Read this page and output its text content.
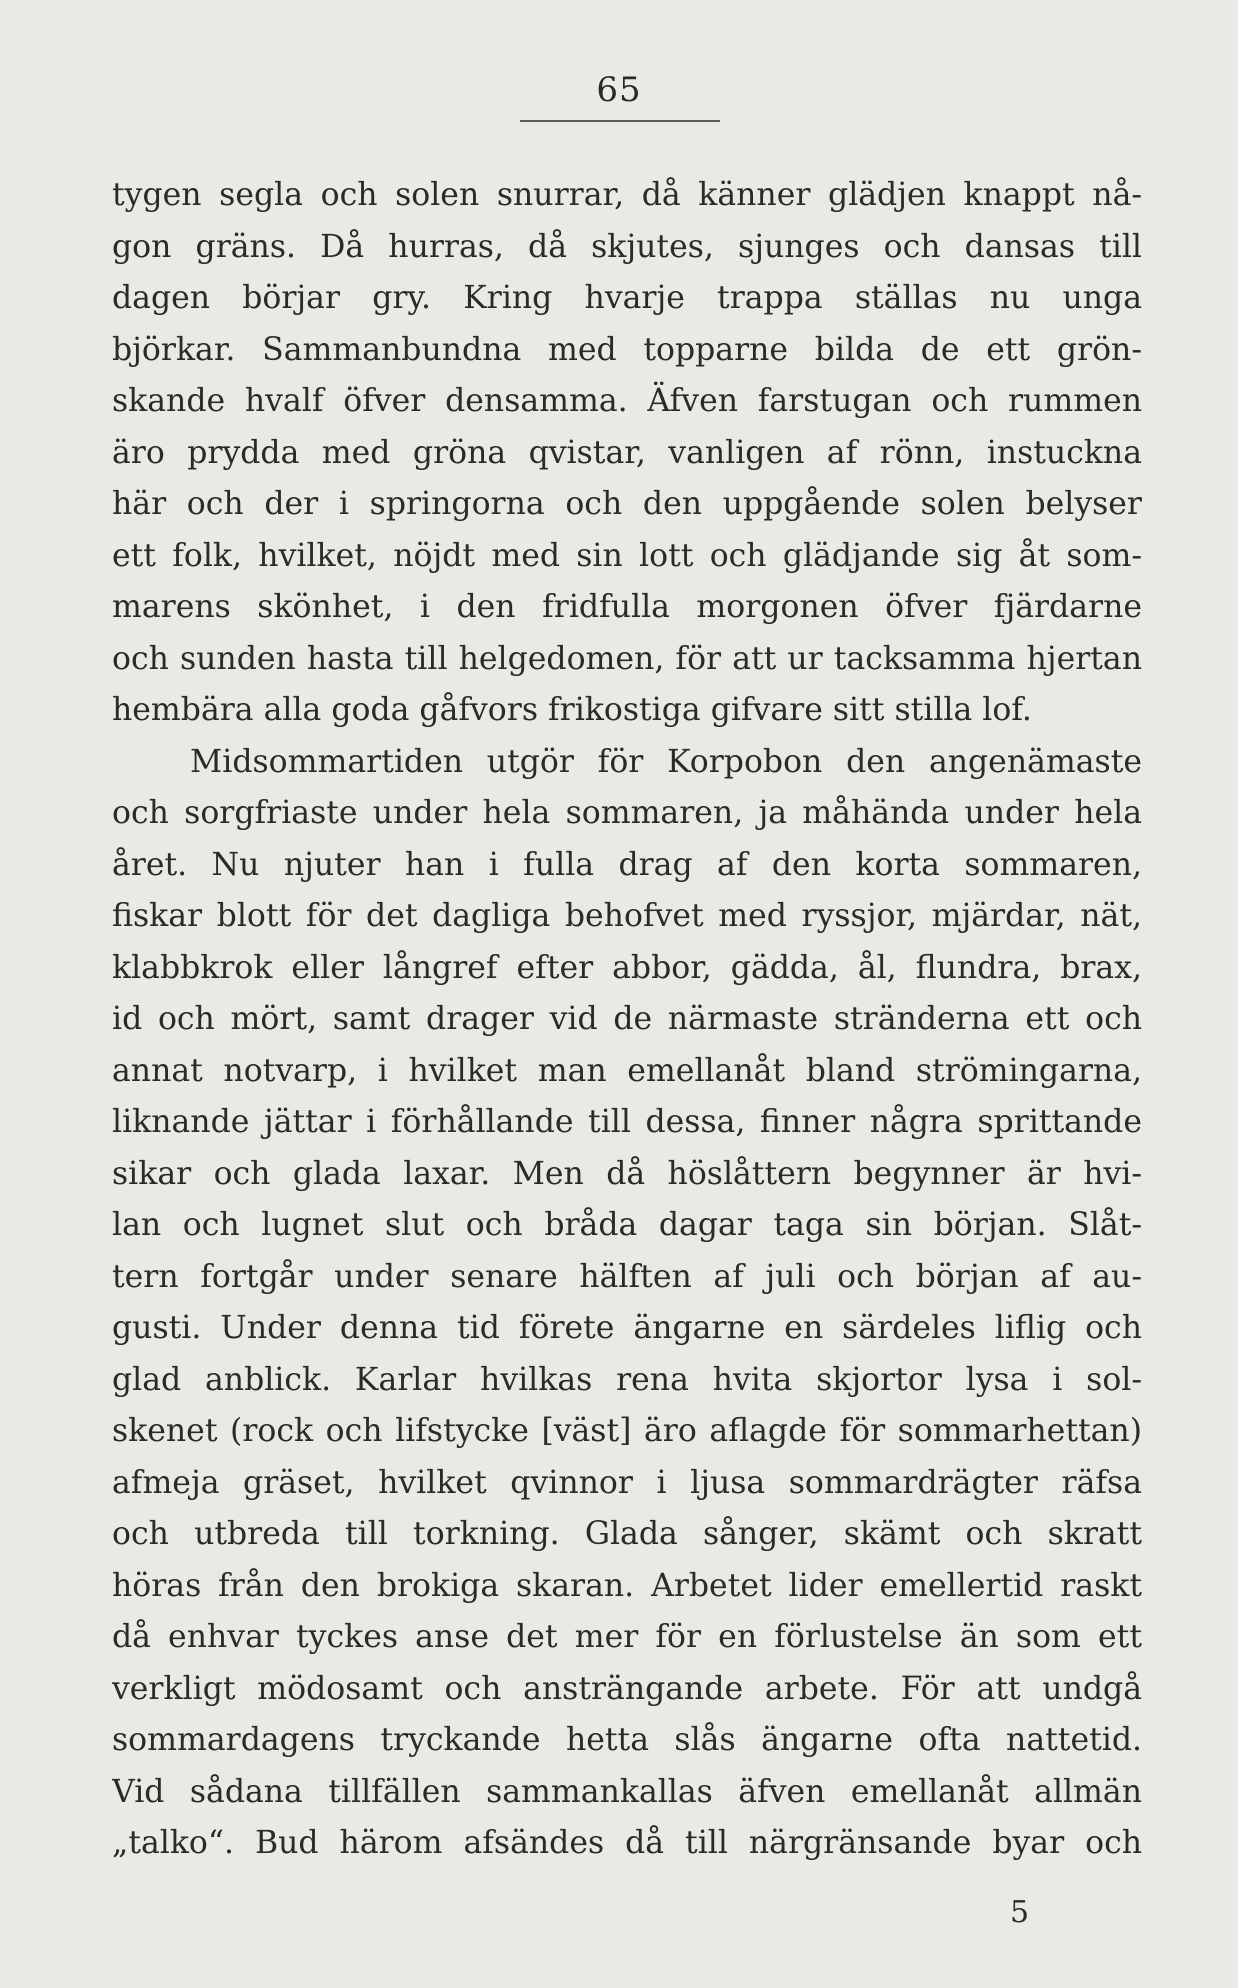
65
tygen segla och solen snurrar, då känner glädjen knappt nå-
gon gräns. Då hurras, då skjutes, sjunges och dansas till
dagen börjar gry. Kring hvarje trappa ställas nu unga
björkar. Sammanbundna med topparne bilda de ett grön-
skande hvalf öfver densamma. Äfven farstugan och rummen
äro prydda med gröna qvistar, vanligen af rönn, instuckna
här och der i springorna och den uppgående solen belyser
ett folk, hvilket, nöjdt med sin lott och glädjande sig åt som-
marens skönhet, i den fridfulla morgonen öfver fjärdarne
och sunden hasta till helgedomen, för att ur tacksamma hjertan
hembära alla goda gåfvors frikostiga gifvare sitt stilla lof.
Midsommartiden utgör för Korpobon den angenämaste
och sorgfriaste under hela sommaren, ja måhända under hela
året. Nu njuter han i fulla drag af den korta sommaren,
fiskar blott för det dagliga behofvet med ryssjor, mjärdar, nät,
klabbkrok eller långref efter abbor, gädda, ål, flundra, brax,
id och mört, samt drager vid de närmaste stränderna ett och
annat notvarp, i hvilket man emellanåt bland strömingarna,
liknande jättar i förhållande till dessa, finner några sprittande
sikar och glada laxar. Men då höslåttern begynner är hvi-
lan och lugnet slut och bråda dagar taga sin början. Slåt-
tern fortgår under senare hälften af juli och början af au-
gusti. Under denna tid förete ängarne en särdeles liflig och
glad anblick. Karlar hvilkas rena hvita skjortor lysa i sol-
skenet (rock och lifstycke [väst] äro aflagde för sommarhettan)
afmeja gräset, hvilket qvinnor i ljusa sommardrägter räfsa
och utbreda till torkning. Glada sånger, skämt och skratt
höras från den brokiga skaran. Arbetet lider emellertid raskt
då enhvar tyckes anse det mer för en förlustelse än som ett
verkligt mödosamt och ansträngande arbete. För att undgå
sommardagens tryckande hetta slås ängarne ofta nattetid.
Vid sådana tillfällen sammankallas äfven emellanåt allmän
„talko“. Bud härom afsändes då till närgränsande byar och
5
